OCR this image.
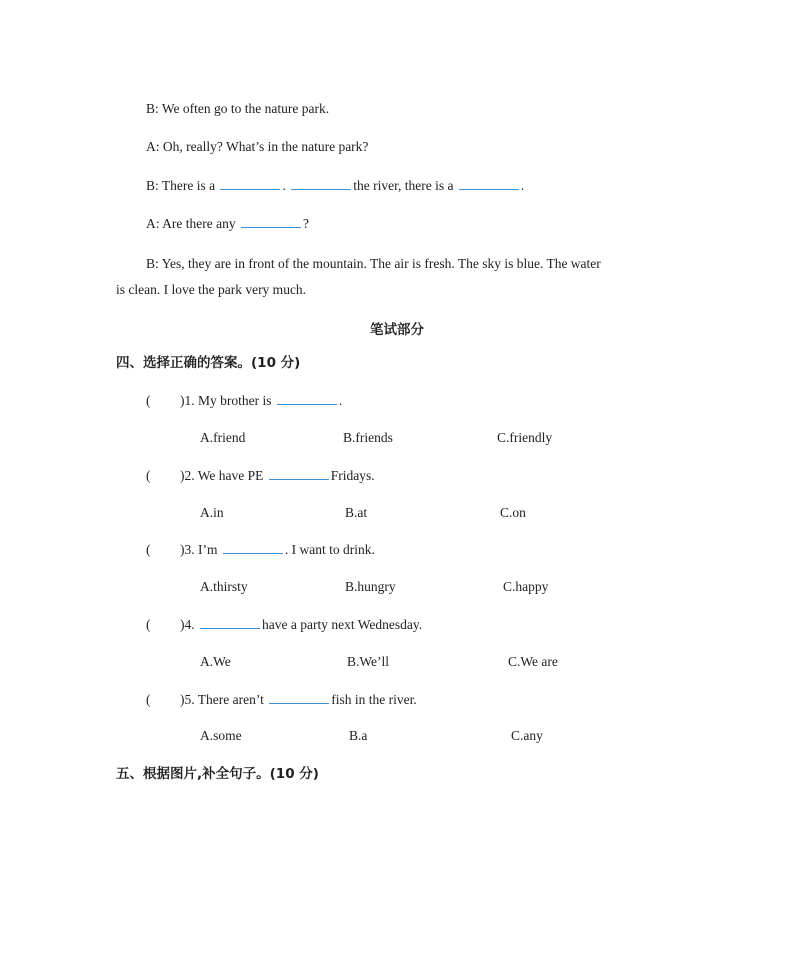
B: We often go to the nature park.
A: Oh, really? What’s in the nature park?
B: There is a	.	the river, there is a	.
A: Are there any	?
B: Yes, they are in front of the mountain. The air is fresh. The sky is blue. The water
is clean. I love the park very much.
笔试部分
四、选择正确的答案。(10 分)
( )1. My brother is	.
A.friend	B.friends	C.friendly
( )2. We have PE	Fridays.
A.in	B.at	C.on
( )3. I’m	. I want to drink.
A.thirsty	B.hungry	C.happy
( )4.	have a party next Wednesday.
A.We	B.We’ll	C.We are
( )5. There aren’t	fish in the river.
A.some	B.a	C.any
五、根据图片,补全句子。(10 分)
